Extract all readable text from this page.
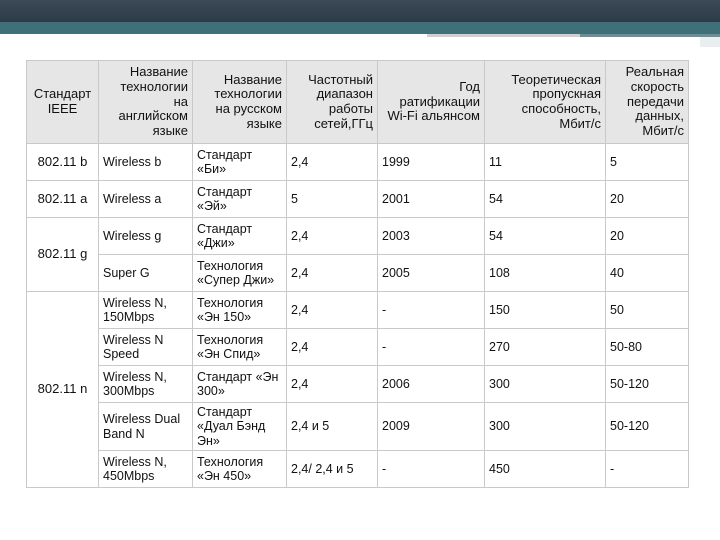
Стандарт IEEE	Название технологии на английском языке	Название технологии на русском языке	Частотный диапазон работы сетей,ГГц	Год ратификации Wi-Fi альянсом	Теоретическая пропускная способность, Мбит/с	Реальная скорость передачи данных, Мбит/с
802.11 b	Wireless b	Стандарт «Би»	2,4	1999	11	5
802.11 a	Wireless a	Стандарт «Эй»	5	2001	54	20
802.11 g	Wireless g	Стандарт «Джи»	2,4	2003	54	20
	Super G	Технология «Супер Джи»	2,4	2005	108	40
802.11 n	Wireless N, 150Mbps	Технология «Эн 150»	2,4	-	150	50
	Wireless N Speed	Технология «Эн Спид»	2,4	-	270	50-80
	Wireless N, 300Mbps	Стандарт «Эн 300»	2,4	2006	300	50-120
	Wireless Dual Band N	Стандарт «Дуал Бэнд Эн»	2,4 и 5	2009	300	50-120
	Wireless N, 450Mbps	Технология «Эн 450»	2,4/ 2,4 и 5	-	450	-
